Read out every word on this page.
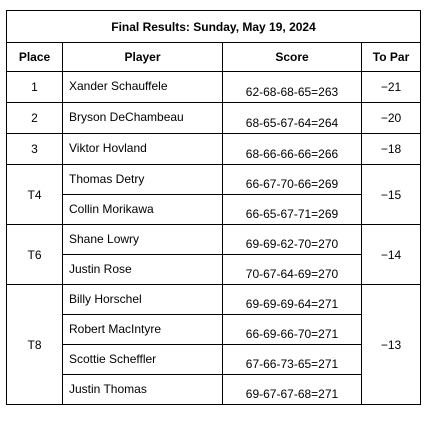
Final Results: Sunday, May 19, 2024			
Place	Player	Score	To Par
1	Xander Schauffele	62-68-68-65=263	−21
2	Bryson DeChambeau	68-65-67-64=264	−20
3	Viktor Hovland	68-66-66-66=266	−18
T4	Thomas Detry	66-67-70-66=269	−15
	Collin Morikawa	66-65-67-71=269	
T6	Shane Lowry	69-69-62-70=270	−14
	Justin Rose	70-67-64-69=270	
T8	Billy Horschel	69-69-69-64=271	−13
	Robert MacIntyre	66-69-66-70=271	
	Scottie Scheffler	67-66-73-65=271	
	Justin Thomas	69-67-67-68=271	
